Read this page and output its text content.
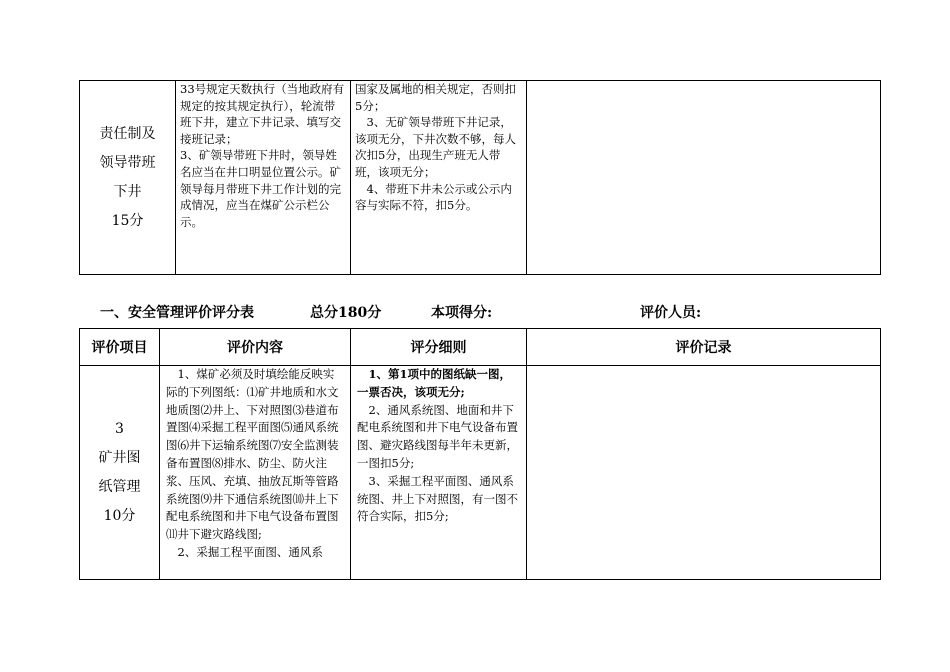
责任制及
领导带班
下井
15分
	33号规定天数执行（当地政府有规定的按其规定执行），轮流带班下井，建立下井记录、填写交接班记录；
3、矿领导带班下井时，领导姓名应当在井口明显位置公示。矿领导每月带班下井工作计划的完成情况，应当在煤矿公示栏公示。	国家及属地的相关规定，否则扣5分；
　3、无矿领导带班下井记录，该项无分，下井次数不够，每人次扣5分，出现生产班无人带班，该项无分；
　4、带班下井未公示或公示内容与实际不符，扣5分。	
一、安全管理评价评分表	总分180分	本项得分:	评价人员:
评价项目	评价内容	评分细则	评价记录

3
矿井图
纸管理
10分	　1、煤矿必须及时填绘能反映实际的下列图纸：⑴矿井地质和水文地质图⑵井上、下对照图⑶巷道布置图⑷采掘工程平面图⑸通风系统图⑹井下运输系统图⑺安全监测装备布置图⑻排水、防尘、防火注浆、压风、充填、抽放瓦斯等管路系统图⑼井下通信系统图⑽井上下配电系统图和井下电气设备布置图⑾井下避灾路线图;
　2、采掘工程平面图、通风系	　1、第1项中的图纸缺一图，一票否决，该项无分;
　2、通风系统图、地面和井下配电系统图和井下电气设备布置图、避灾路线图每半年未更新，一图扣5分;
　3、采掘工程平面图、通风系统图、井上下对照图，有一图不符合实际，扣5分;	
